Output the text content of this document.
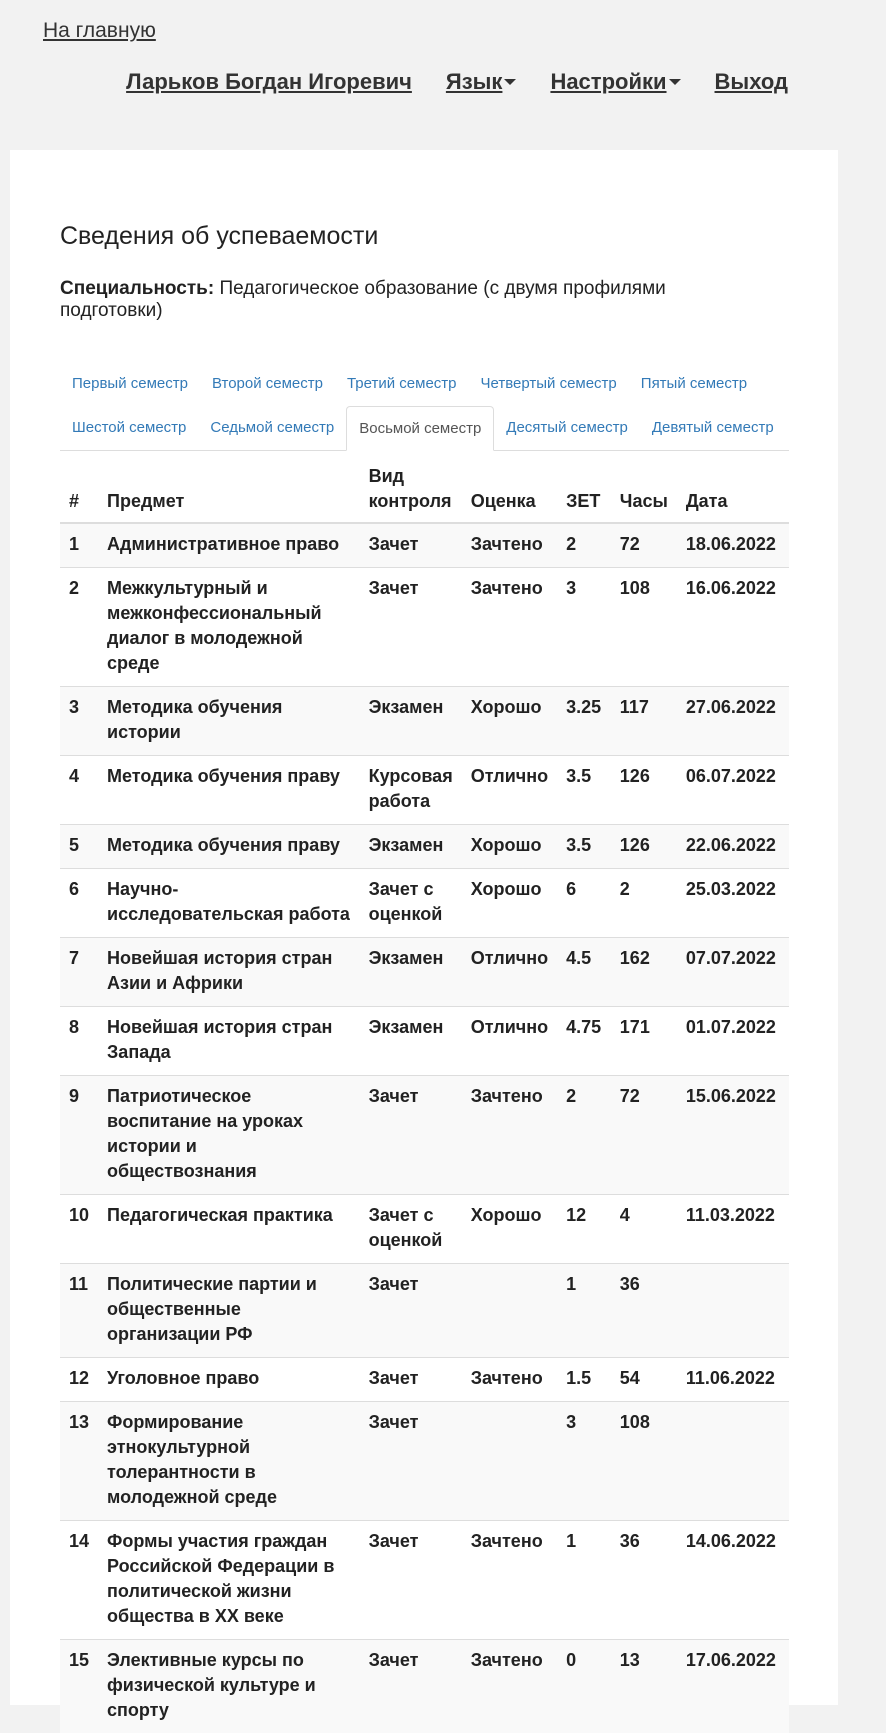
На главную
Ларьков Богдан Игоревич Язык	Настройки	Выход
Сведения об успеваемости
Специальность: Педагогическое образование (с двумя профилями подготовки)
Первый семестр	Второй семестр	Третий семестр	Четвертый семестр	Пятый семестр
Шестой семестр	Седьмой семестр	Восьмой семестр	Десятый семестр	Девятый семестр
#	Предмет	Вид контроля	Оценка	ЗЕТ	Часы	Дата
1	Административное право	Зачет	Зачтено	2	72	18.06.2022
2	Межкультурный и межконфессиональный диалог в молодежной среде	Зачет	Зачтено	3	108	16.06.2022
3	Методика обучения истории	Экзамен	Хорошо	3.25	117	27.06.2022
4	Методика обучения праву	Курсовая работа	Отлично	3.5	126	06.07.2022
5	Методика обучения праву	Экзамен	Хорошо	3.5	126	22.06.2022
6	Научно-исследовательская работа	Зачет с оценкой	Хорошо	6	2	25.03.2022
7	Новейшая история стран Азии и Африки	Экзамен	Отлично	4.5	162	07.07.2022
8	Новейшая история стран Запада	Экзамен	Отлично	4.75	171	01.07.2022
9	Патриотическое воспитание на уроках истории и обществознания	Зачет	Зачтено	2	72	15.06.2022
10	Педагогическая практика	Зачет с оценкой	Хорошо	12	4	11.03.2022
11	Политические партии и общественные организации РФ	Зачет		1	36	
12	Уголовное право	Зачет	Зачтено	1.5	54	11.06.2022
13	Формирование этнокультурной толерантности в молодежной среде	Зачет		3	108	
14	Формы участия граждан Российской Федерации в политической жизни общества в XX веке	Зачет	Зачтено	1	36	14.06.2022
15	Элективные курсы по физической культуре и спорту	Зачет	Зачтено	0	13	17.06.2022
